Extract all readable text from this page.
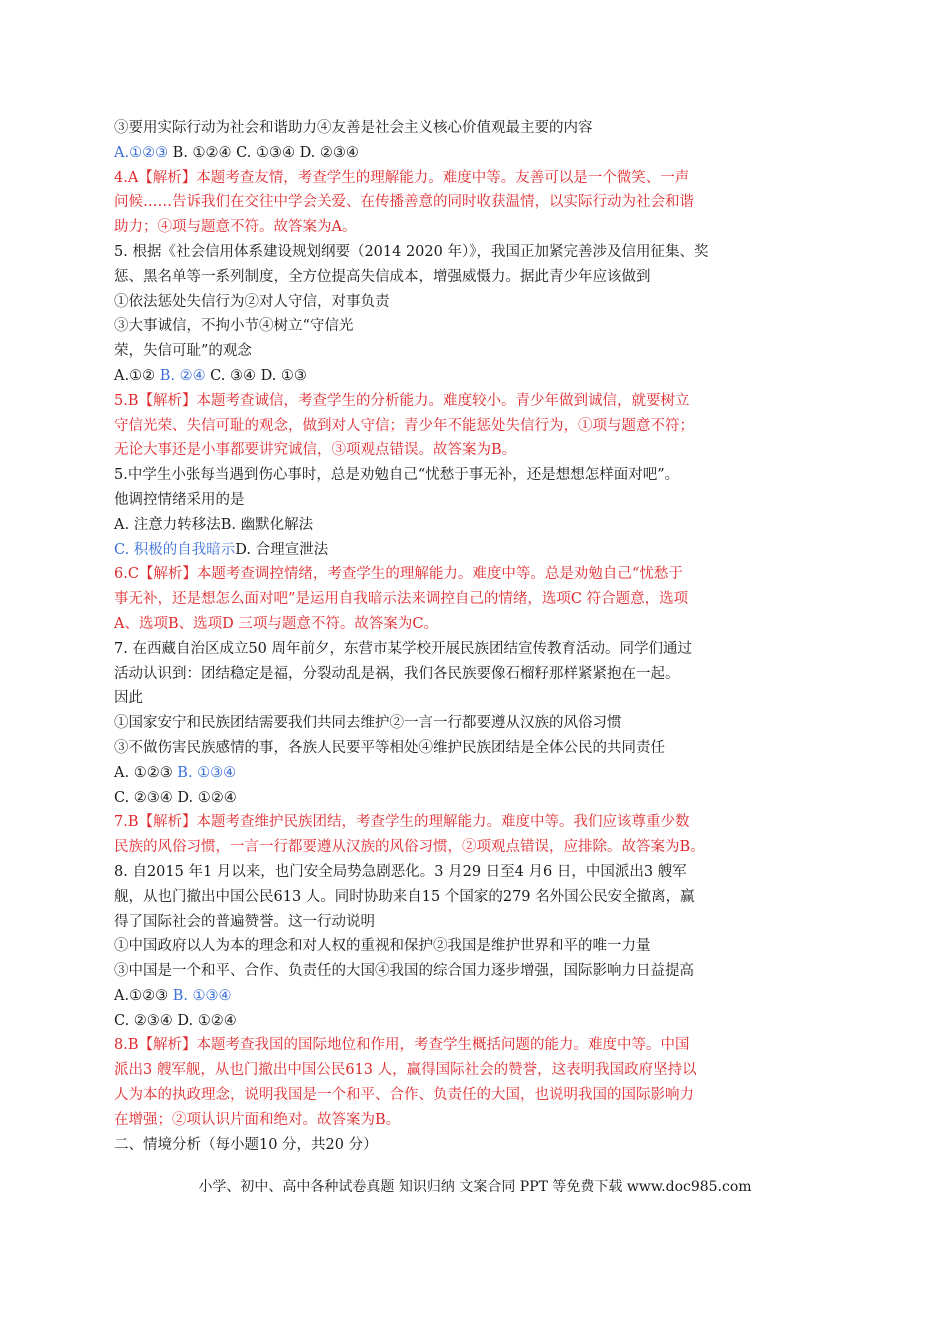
③要用实际行动为社会和谐助力④友善是社会主义核心价值观最主要的内容
A.①②③ B. ①②④ C. ①③④ D. ②③④
4.A【解析】本题考查友情，考查学生的理解能力。难度中等。友善可以是一个微笑、一声
问候……告诉我们在交往中学会关爱、在传播善意的同时收获温情，以实际行动为社会和谐
助力；④项与题意不符。故答案为A。
5. 根据《社会信用体系建设规划纲要（2014 2020 年）》，我国正加紧完善涉及信用征集、奖
惩、黑名单等一系列制度，全方位提高失信成本，增强威慑力。据此青少年应该做到
①依法惩处失信行为②对人守信，对事负责
③大事诚信，不拘小节④树立“守信光
荣，失信可耻”的观念
A.①② B. ②④ C. ③④ D. ①③
5.B【解析】本题考查诚信，考查学生的分析能力。难度较小。青少年做到诚信，就要树立
守信光荣、失信可耻的观念，做到对人守信；青少年不能惩处失信行为，①项与题意不符；
无论大事还是小事都要讲究诚信，③项观点错误。故答案为B。
5.中学生小张每当遇到伤心事时，总是劝勉自己“忧愁于事无补，还是想想怎样面对吧”。
他调控情绪采用的是
A. 注意力转移法B. 幽默化解法
C. 积极的自我暗示D. 合理宣泄法
6.C【解析】本题考查调控情绪，考查学生的理解能力。难度中等。总是劝勉自己“忧愁于
事无补，还是想怎么面对吧”是运用自我暗示法来调控自己的情绪，选项C 符合题意，选项
A、选项B、选项D 三项与题意不符。故答案为C。
7. 在西藏自治区成立50 周年前夕，东营市某学校开展民族团结宣传教育活动。同学们通过
活动认识到：团结稳定是福，分裂动乱是祸，我们各民族要像石榴籽那样紧紧抱在一起。
因此
①国家安宁和民族团结需要我们共同去维护②一言一行都要遵从汉族的风俗习惯
③不做伤害民族感情的事，各族人民要平等相处④维护民族团结是全体公民的共同责任
A. ①②③ B. ①③④
C. ②③④ D. ①②④
7.B【解析】本题考查维护民族团结，考查学生的理解能力。难度中等。我们应该尊重少数
民族的风俗习惯，一言一行都要遵从汉族的风俗习惯，②项观点错误，应排除。故答案为B。
8. 自2015 年1 月以来，也门安全局势急剧恶化。3 月29 日至4 月6 日，中国派出3 艘军
舰，从也门撤出中国公民613 人。同时协助来自15 个国家的279 名外国公民安全撤离，赢
得了国际社会的普遍赞誉。这一行动说明
①中国政府以人为本的理念和对人权的重视和保护②我国是维护世界和平的唯一力量
③中国是一个和平、合作、负责任的大国④我国的综合国力逐步增强，国际影响力日益提高
A.①②③ B. ①③④
C. ②③④ D. ①②④
8.B【解析】本题考查我国的国际地位和作用，考查学生概括问题的能力。难度中等。中国
派出3 艘军舰，从也门撤出中国公民613 人，赢得国际社会的赞誉，这表明我国政府坚持以
人为本的执政理念，说明我国是一个和平、合作、负责任的大国，也说明我国的国际影响力
在增强；②项认识片面和绝对。故答案为B。
二、情境分析（每小题10 分，共20 分）
小学、初中、高中各种试卷真题 知识归纳 文案合同 PPT 等免费下载 www.doc985.com
